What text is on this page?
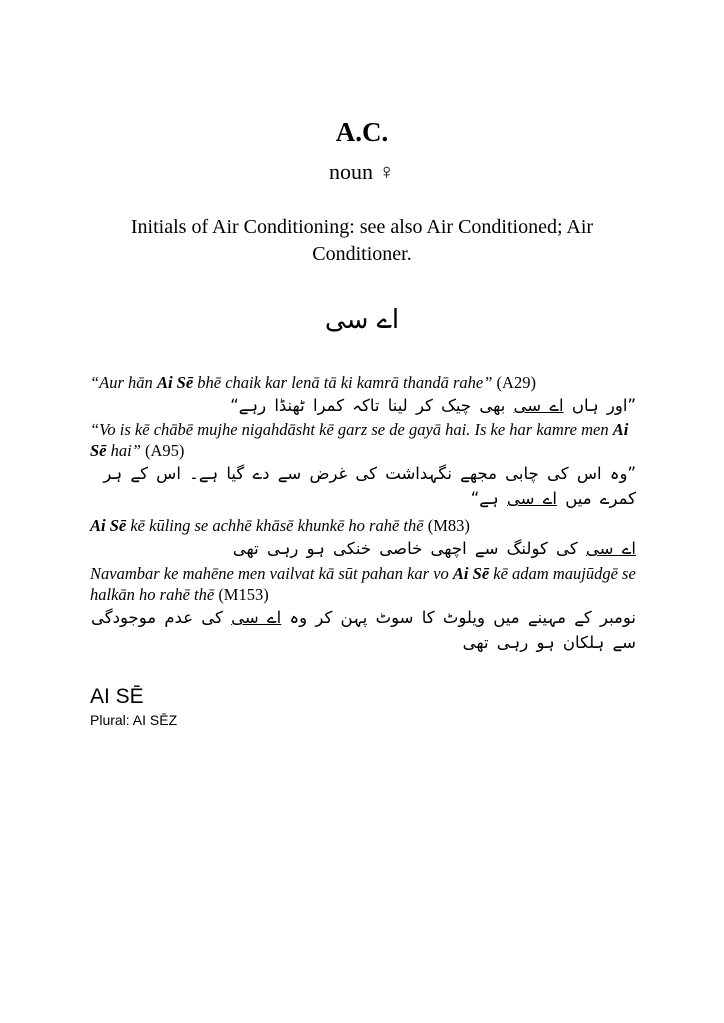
A.C.
noun ♀
Initials of Air Conditioning: see also Air Conditioned; Air Conditioner.
اے سی
“Aur hān Ai Sē bhē chaik kar lenā tā ki kamrā thandā rahe” (A29)
”اور ہاں اے سی بھی چیک کر لینا تاکہ کمرا ٹھنڈا رہے“
“Vo is kē chābē mujhe nigahdāsht kē garz se de gayā hai. Is ke har kamre men Ai Sē hai” (A95)
”وہ اس کی چابی مجھے نگہداشت کی غرض سے دے گیا ہے۔ اس کے ہر کمرے میں اے سی ہے“
Ai Sē kē kūling se achhē khāsē khunkē ho rahē thē (M83)
اے سی کی کولنگ سے اچھی خاصی خنکی ہو رہی تھی
Navambar ke mahēne men vailvat kā sūt pahan kar vo Ai Sē kē adam maujūdgē se halkān ho rahē thē (M153)
نومبر کے مہینے میں ویلوٹ کا سوٹ پہن کر وہ اے سی کی عدم موجودگی سے ہلکان ہو رہی تھی
AI SĒ
Plural: AI SĒZ
